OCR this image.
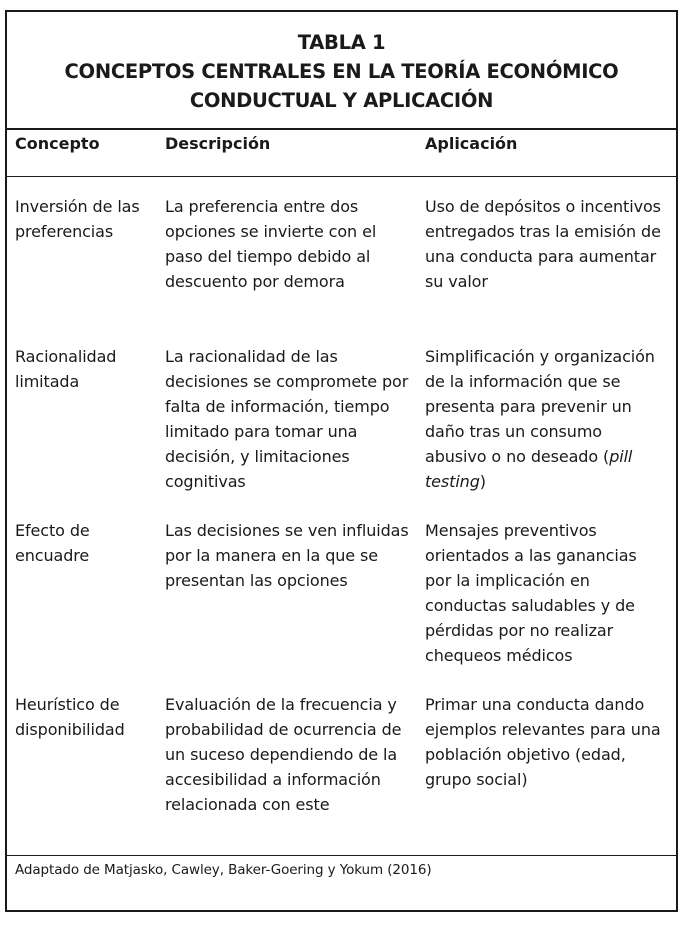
TABLA 1
CONCEPTOS CENTRALES EN LA TEORÍA ECONÓMICO
CONDUCTUAL Y APLICACIÓN
Concepto	Descripción	Aplicación
Inversión de las preferencias
La preferencia entre dos opciones se invierte con el paso del tiempo debido al descuento por demora
Uso de depósitos o incentivos entregados tras la emisión de una conducta para aumentar su valor
Racionalidad limitada
La racionalidad de las decisiones se compromete por falta de información, tiempo limitado para tomar una decisión, y limitaciones cognitivas
Simplificación y organización de la información que se presenta para prevenir un daño tras un consumo abusivo o no deseado (pill testing)
Efecto de encuadre
Las decisiones se ven influidas por la manera en la que se presentan las opciones
Mensajes preventivos orientados a las ganancias por la implicación en conductas saludables y de pérdidas por no realizar chequeos médicos
Heurístico de disponibilidad
Evaluación de la frecuencia y probabilidad de ocurrencia de un suceso dependiendo de la accesibilidad a información relacionada con este
Primar una conducta dando ejemplos relevantes para una población objetivo (edad, grupo social)
Adaptado de Matjasko, Cawley, Baker-Goering y Yokum (2016)
